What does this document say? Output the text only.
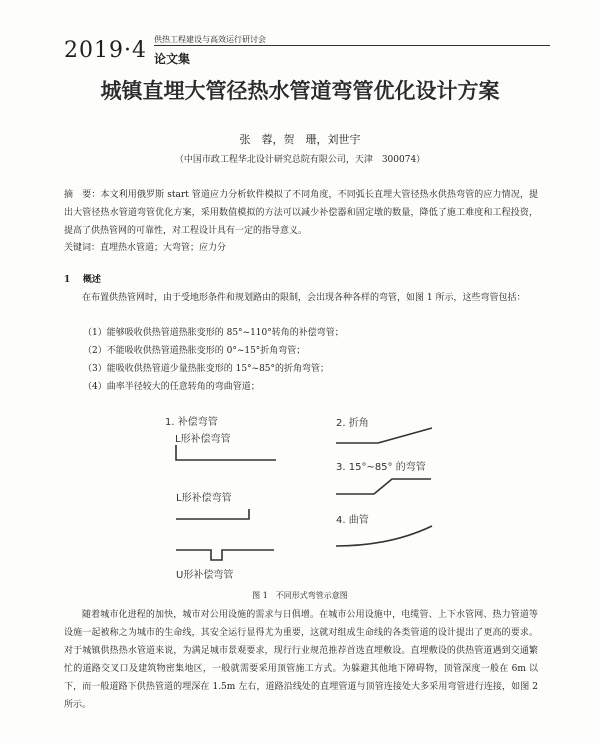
2019·4 供热工程建设与高效运行研讨会
论文集
城镇直埋大管径热水管道弯管优化设计方案
张　蓉，贺　珊，刘世宇
（中国市政工程华北设计研究总院有限公司，天津　300074）
摘　要：本文利用俄罗斯 start 管道应力分析软件模拟了不同角度，不同弧长直埋大管径热水供热弯管的应力情况，提出大管径热水管道弯管优化方案，采用数值模拟的方法可以减少补偿器和固定墩的数量，降低了施工难度和工程投资，提高了供热管网的可靠性，对工程设计具有一定的指导意义。
关键词：直埋热水管道；大弯管；应力分
1 概述
在布置供热管网时，由于受地形条件和规划路由的限制，会出现各种各样的弯管，如图 1 所示，这些弯管包括：
（1）能够吸收供热管道热胀变形的 85°~110°转角的补偿弯管；
（2）不能吸收供热管道热胀变形的 0°~15°折角弯管；
（3）能吸收供热管道少量热胀变形的 15°~85°的折角弯管；
（4）曲率半径较大的任意转角的弯曲管道；
1. 补偿弯管
L形补偿弯管
L形补偿弯管
U形补偿弯管
2. 折角
3. 15°~85° 的弯管
4. 曲管
图 1　不同形式弯管示意图
随着城市化进程的加快，城市对公用设施的需求与日俱增。在城市公用设施中，电缆管、上下水管网、热力管道等设施一起被称之为城市的生命线，其安全运行显得尤为重要，这就对组成生命线的各类管道的设计提出了更高的要求。对于城镇供热热水管道来说，为满足城市景观要求，现行行业规范推荐首选直埋敷设。直埋敷设的供热管道遇到交通繁忙的道路交叉口及建筑物密集地区，一般就需要采用顶管施工方式。为躲避其他地下障碍物，顶管深度一般在 6m 以下，而一般道路下供热管道的埋深在 1.5m 左右，道路沿线处的直埋管道与顶管连接处大多采用弯管进行连接，如图 2 所示。
